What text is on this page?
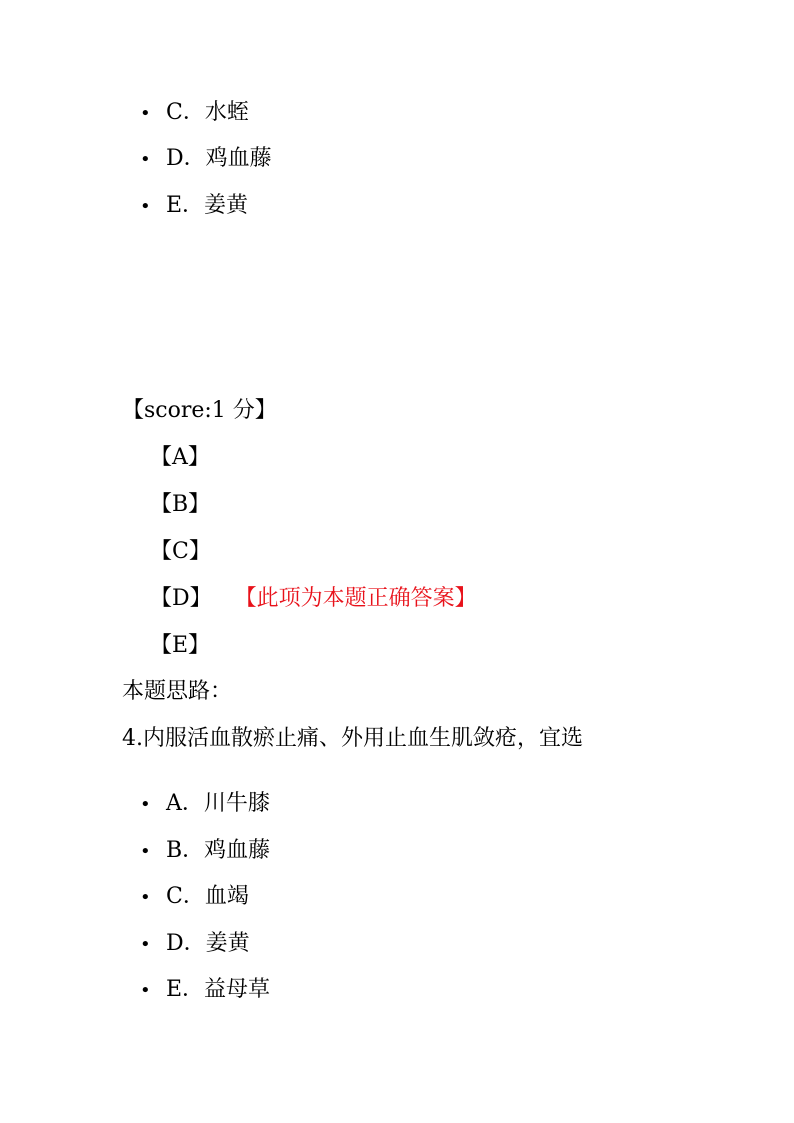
• C．水蛭
• D．鸡血藤
• E．姜黄
【score:1 分】
【A】
【B】
【C】
【D】 【此项为本题正确答案】
【E】
本题思路：
4.内服活血散瘀止痛、外用止血生肌敛疮，宜选
• A．川牛膝
• B．鸡血藤
• C．血竭
• D．姜黄
• E．益母草
